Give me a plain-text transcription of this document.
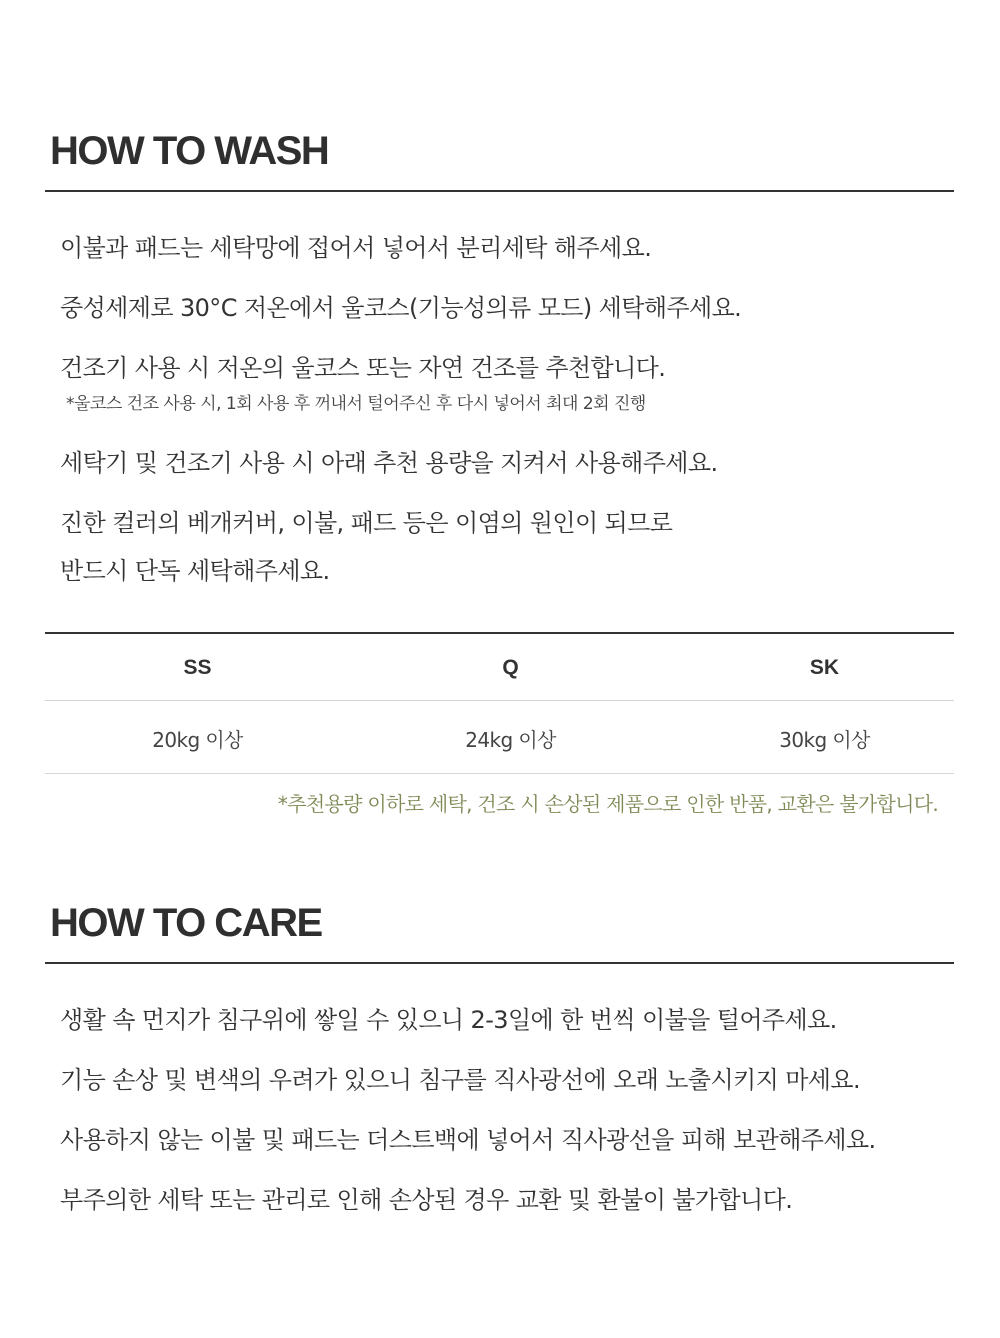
HOW TO WASH

이불과 패드는 세탁망에 접어서 넣어서 분리세탁 해주세요.

중성세제로 30°C 저온에서 울코스(기능성의류 모드) 세탁해주세요.

건조기 사용 시 저온의 울코스 또는 자연 건조를 추천합니다.

*울코스 건조 사용 시, 1회 사용 후 꺼내서 털어주신 후 다시 넣어서 최대 2회 진행

세탁기 및 건조기 사용 시 아래 추천 용량을 지켜서 사용해주세요.

진한 컬러의 베개커버, 이불, 패드 등은 이염의 원인이 되므로

반드시 단독 세탁해주세요.

SS	Q	SK

20kg 이상	24kg 이상	30kg 이상

*추천용량 이하로 세탁, 건조 시 손상된 제품으로 인한 반품, 교환은 불가합니다.

HOW TO CARE

생활 속 먼지가 침구위에 쌓일 수 있으니 2-3일에 한 번씩 이불을 털어주세요.

기능 손상 및 변색의 우려가 있으니 침구를 직사광선에 오래 노출시키지 마세요.

사용하지 않는 이불 및 패드는 더스트백에 넣어서 직사광선을 피해 보관해주세요.

부주의한 세탁 또는 관리로 인해 손상된 경우 교환 및 환불이 불가합니다.
